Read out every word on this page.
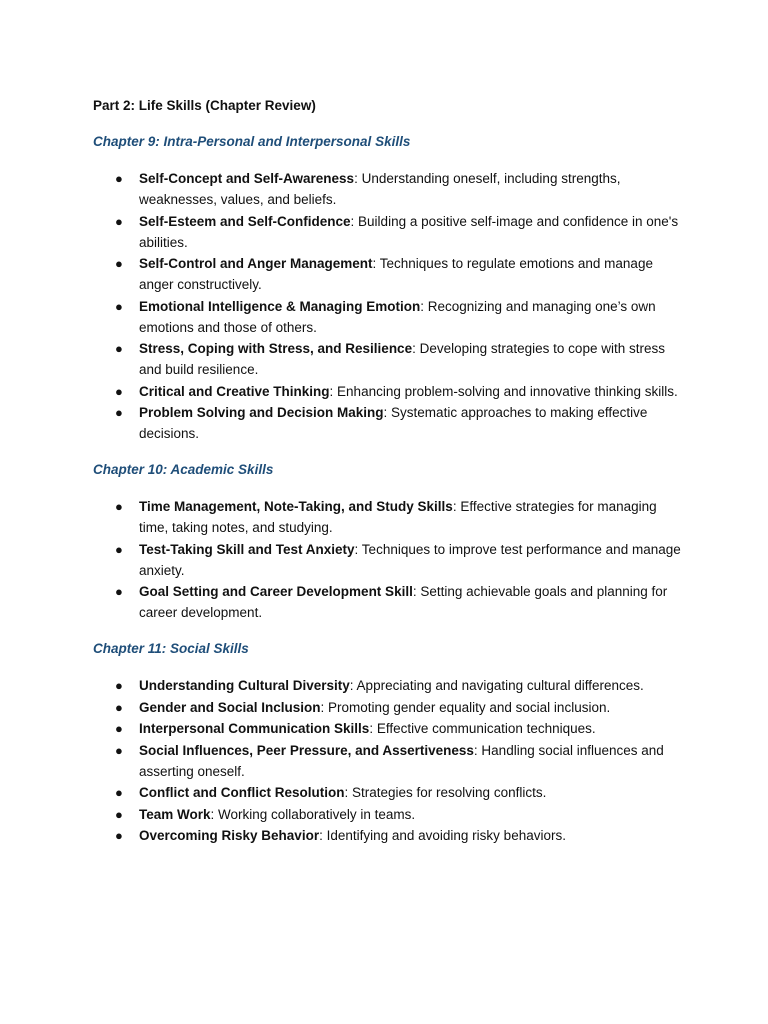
Part 2: Life Skills (Chapter Review)
Chapter 9: Intra-Personal and Interpersonal Skills
● Self-Concept and Self-Awareness: Understanding oneself, including strengths, weaknesses, values, and beliefs.
● Self-Esteem and Self-Confidence: Building a positive self-image and confidence in one's abilities.
● Self-Control and Anger Management: Techniques to regulate emotions and manage anger constructively.
● Emotional Intelligence & Managing Emotion: Recognizing and managing one’s own emotions and those of others.
● Stress, Coping with Stress, and Resilience: Developing strategies to cope with stress and build resilience.
● Critical and Creative Thinking: Enhancing problem-solving and innovative thinking skills.
● Problem Solving and Decision Making: Systematic approaches to making effective decisions.
Chapter 10: Academic Skills
● Time Management, Note-Taking, and Study Skills: Effective strategies for managing time, taking notes, and studying.
● Test-Taking Skill and Test Anxiety: Techniques to improve test performance and manage anxiety.
● Goal Setting and Career Development Skill: Setting achievable goals and planning for career development.
Chapter 11: Social Skills
● Understanding Cultural Diversity: Appreciating and navigating cultural differences.
● Gender and Social Inclusion: Promoting gender equality and social inclusion.
● Interpersonal Communication Skills: Effective communication techniques.
● Social Influences, Peer Pressure, and Assertiveness: Handling social influences and asserting oneself.
● Conflict and Conflict Resolution: Strategies for resolving conflicts.
● Team Work: Working collaboratively in teams.
● Overcoming Risky Behavior: Identifying and avoiding risky behaviors.
